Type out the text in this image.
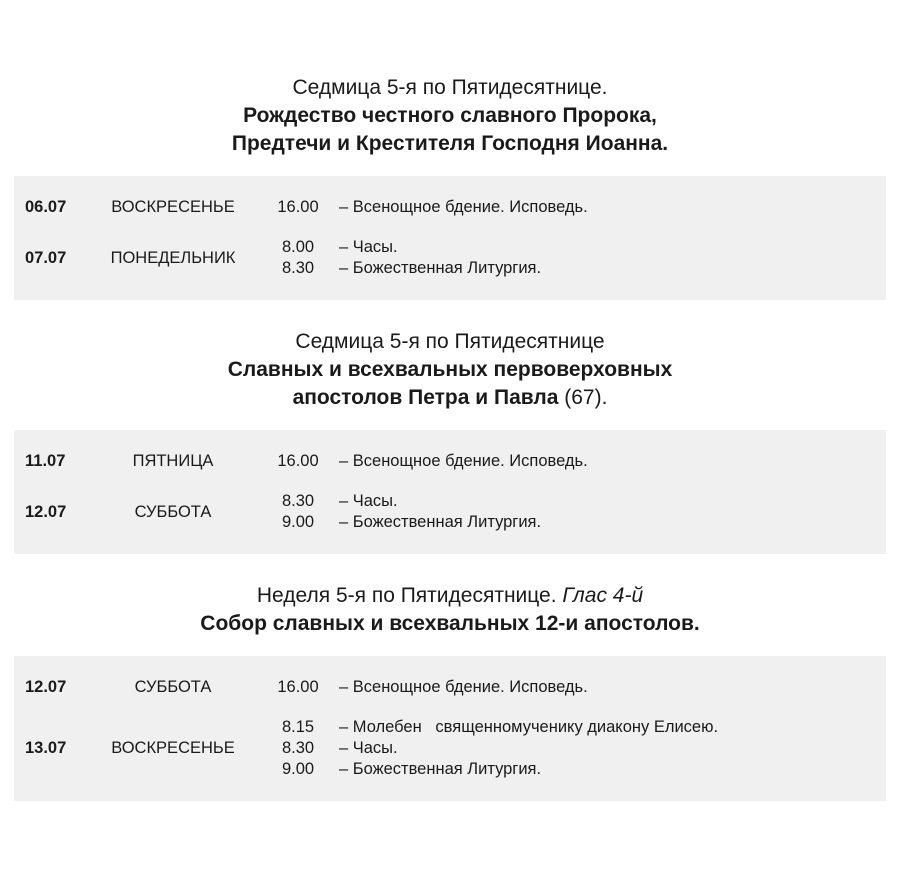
Седмица 5-я по Пятидесятнице.
Рождество честного славного Пророка,
Предтечи и Крестителя Господня Иоанна.
06.07	ВОСКРЕСЕНЬЕ	16.00 – Всенощное бдение. Исповедь.
07.07	ПОНЕДЕЛЬНИК
8.00	– Часы.
8.30	– Божественная Литургия.
Седмица 5-я по Пятидесятнице
Славных и всехвальных первоверховных
апостолов Петра и Павла (67).
11.07	ПЯТНИЦА	16.00 – Всенощное бдение. Исповедь.
12.07	СУББОТА
8.30	– Часы.
9.00	– Божественная Литургия.
Неделя 5-я по Пятидесятнице. Глас 4-й
Собор славных и всехвальных 12-и апостолов.
12.07	СУББОТА	16.00 – Всенощное бдение. Исповедь.
13.07	ВОСКРЕСЕНЬЕ
8.15	– Молебен   священномученику диакону Елисею.
8.30	– Часы.
9.00	– Божественная Литургия.
